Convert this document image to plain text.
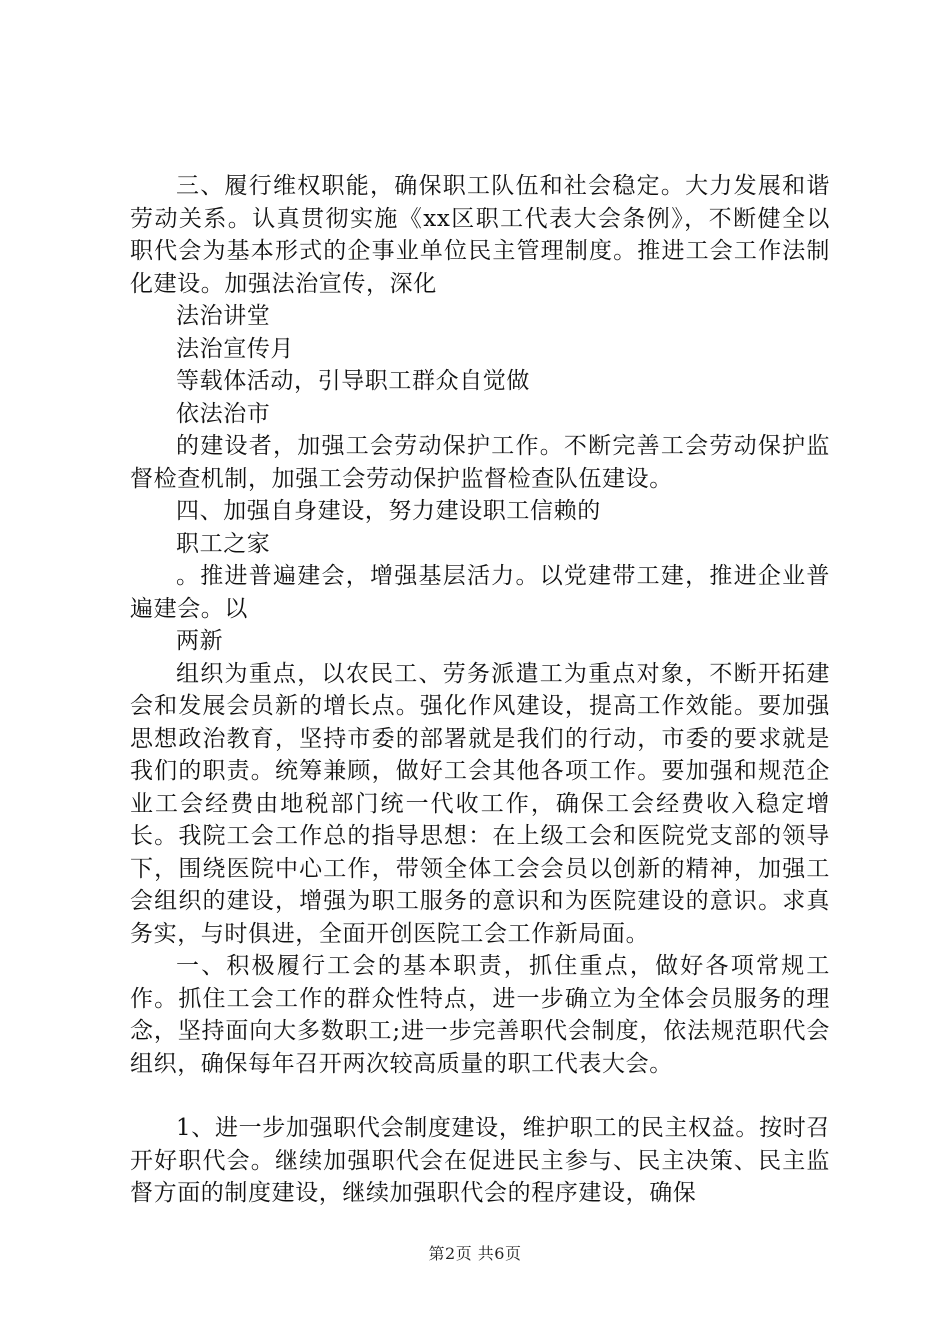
三、履行维权职能，确保职工队伍和社会稳定。大力发展和谐劳动关系。认真贯彻实施《xx区职工代表大会条例》，不断健全以职代会为基本形式的企事业单位民主管理制度。推进工会工作法制化建设。加强法治宣传，深化

法治讲堂

法治宣传月

等载体活动，引导职工群众自觉做

依法治市

的建设者，加强工会劳动保护工作。不断完善工会劳动保护监督检查机制，加强工会劳动保护监督检查队伍建设。

四、加强自身建设，努力建设职工信赖的

职工之家

。推进普遍建会，增强基层活力。以党建带工建，推进企业普遍建会。以

两新

组织为重点，以农民工、劳务派遣工为重点对象，不断开拓建会和发展会员新的增长点。强化作风建设，提高工作效能。要加强思想政治教育，坚持市委的部署就是我们的行动，市委的要求就是我们的职责。统筹兼顾，做好工会其他各项工作。要加强和规范企业工会经费由地税部门统一代收工作，确保工会经费收入稳定增长。我院工会工作总的指导思想：在上级工会和医院党支部的领导下，围绕医院中心工作，带领全体工会会员以创新的精神，加强工会组织的建设，增强为职工服务的意识和为医院建设的意识。求真务实，与时俱进，全面开创医院工会工作新局面。

一、积极履行工会的基本职责，抓住重点，做好各项常规工作。抓住工会工作的群众性特点，进一步确立为全体会员服务的理念，坚持面向大多数职工;进一步完善职代会制度，依法规范职代会组织，确保每年召开两次较高质量的职工代表大会。

1、进一步加强职代会制度建设，维护职工的民主权益。按时召开好职代会。继续加强职代会在促进民主参与、民主决策、民主监督方面的制度建设，继续加强职代会的程序建设，确保

第2页 共6页
